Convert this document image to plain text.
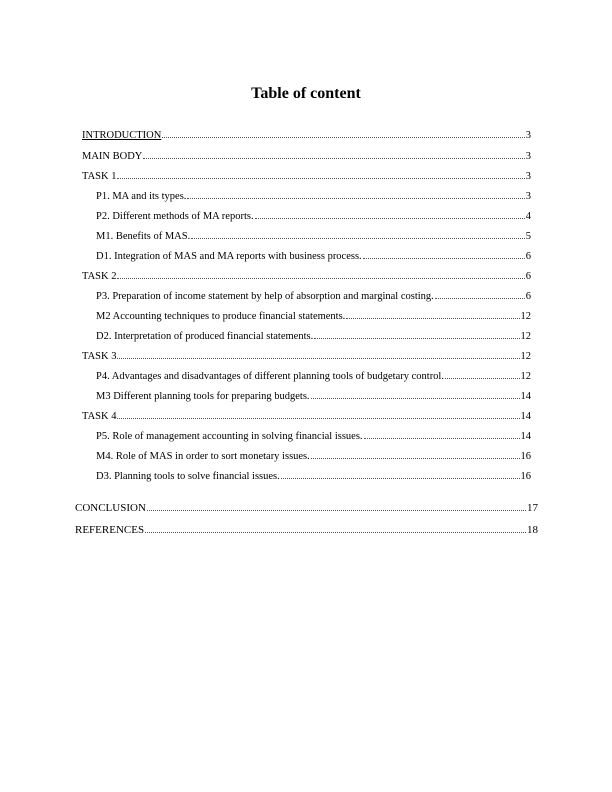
Table of content
INTRODUCTION	3
MAIN BODY	3
TASK 1	3
P1. MA and its types.	3
P2. Different methods of MA reports.	4
M1. Benefits of MAS.	5
D1. Integration of MAS and MA reports with business process.	6
TASK 2	6
P3. Preparation of income statement by help of absorption and marginal costing.	6
M2 Accounting techniques to produce financial statements.	12
D2. Interpretation of produced financial statements.	12
TASK 3	12
P4. Advantages and disadvantages of different planning tools of budgetary control.	12
M3 Different planning tools for preparing budgets.	14
TASK 4	14
P5. Role of management accounting in solving financial issues.	14
M4. Role of MAS in order to sort monetary issues.	16
D3. Planning tools to solve financial issues.	16
CONCLUSION	17
REFERENCES	18
